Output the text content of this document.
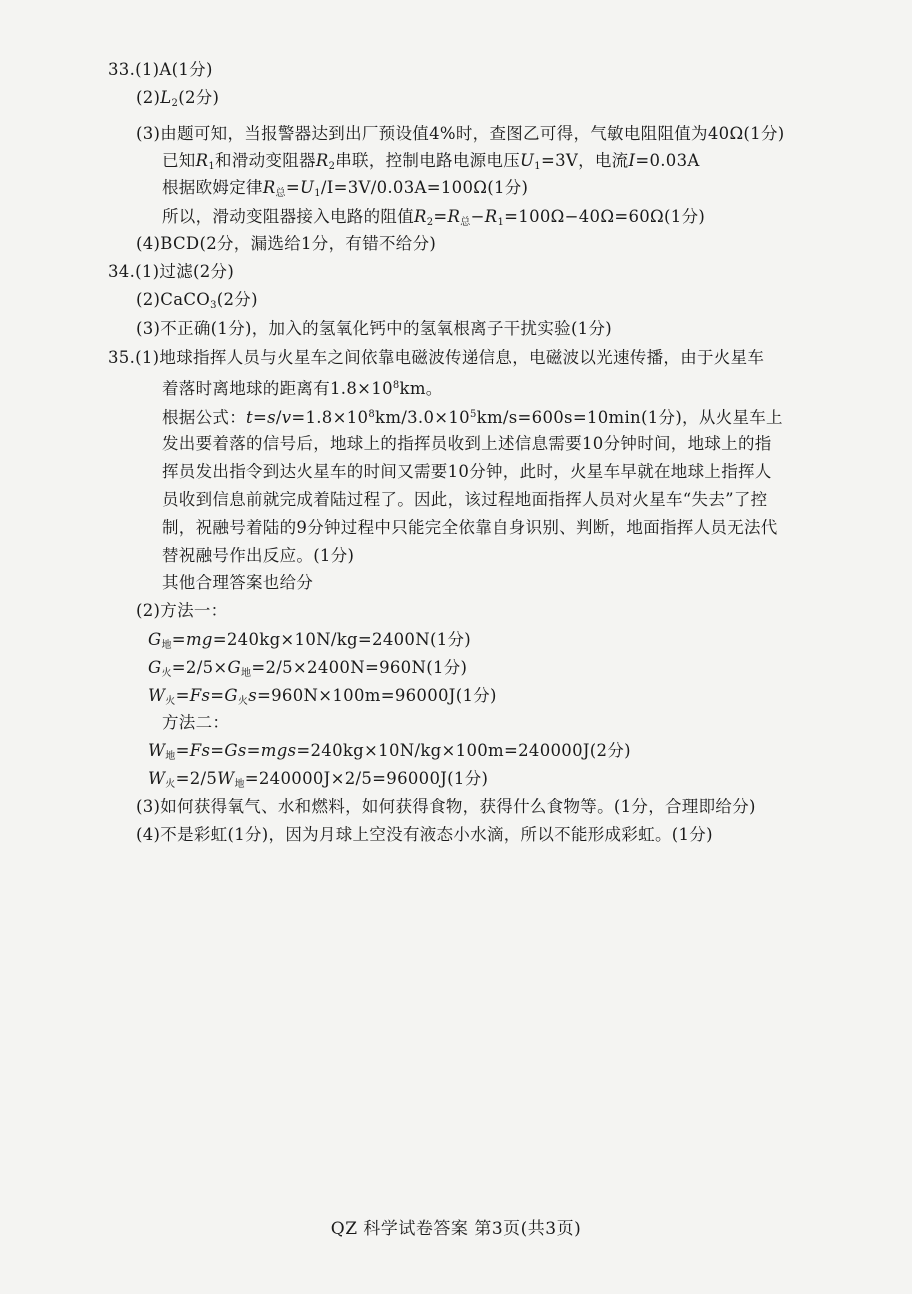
33.(1)A(1分)
$(2)L_2(2$分)
(3)由题可知，当报警器达到出厂预设值4%时，查图乙可得，气敏电阻阻值为40Ω(1分)
已知$R_1$和滑动变阻器$R_2$串联，控制电路电源电压$U_1=3V$，电流I=0.03A
根据欧姆定律$R_总=U_1/I=3V/0.03A=100\Omega(1$分)
所以，滑动变阻器接入电路的阻值$R_2=R_总-R_1=100\Omega-40\Omega=60\Omega(1$分)
(4)BCD(2分，漏选给1分，有错不给分)
34.(1)过滤(2分)
(2)CaCO$_3$(2分)
(3)不正确(1分)，加入的氢氧化钙中的氢氧根离子干扰实验(1分)
35.(1)地球指挥人员与火星车之间依靠电磁波传递信息，电磁波以光速传播，由于火星车
着落时离地球的距离有$1.8\times 10^8km$。
根据公式：$t=s/v=1.8\times 10^8km/3.0\times 10^5km/s=600s=10\min(1$分)，从火星车上
发出要着落的信号后，地球上的指挥员收到上述信息需要10分钟时间，地球上的指
挥员发出指令到达火星车的时间又需要10分钟，此时，火星车早就在地球上指挥人
员收到信息前就完成着陆过程了。因此，该过程地面指挥人员对火星车“失去”了控
制，祝融号着陆的9分钟过程中只能完全依靠自身识别、判断，地面指挥人员无法代
替祝融号作出反应。(1分)
其他合理答案也给分
(2)方法一：
$G_地=mg=240kg\times 10N/kg=2400N(1$分)
$G_火=2/5\times G_地=2/5\times 2400N=960N(1$分)
$W_火=Fs=G_火s=960N\times 100m=96000J(1$分)
方法二：
$W_地=Fs=Gs=mgs=240kg\times 10N/kg\times 100m=240000J(2$分)
$W_火=2/5W_地=240000J\times 2/5=96000J(1$分)
(3)如何获得氧气、水和燃料，如何获得食物，获得什么食物等。(1分，合理即给分)
(4)不是彩虹(1分)，因为月球上空没有液态小水滴，所以不能形成彩虹。(1分)
QZ 科学试卷答案 第3页(共3页)
